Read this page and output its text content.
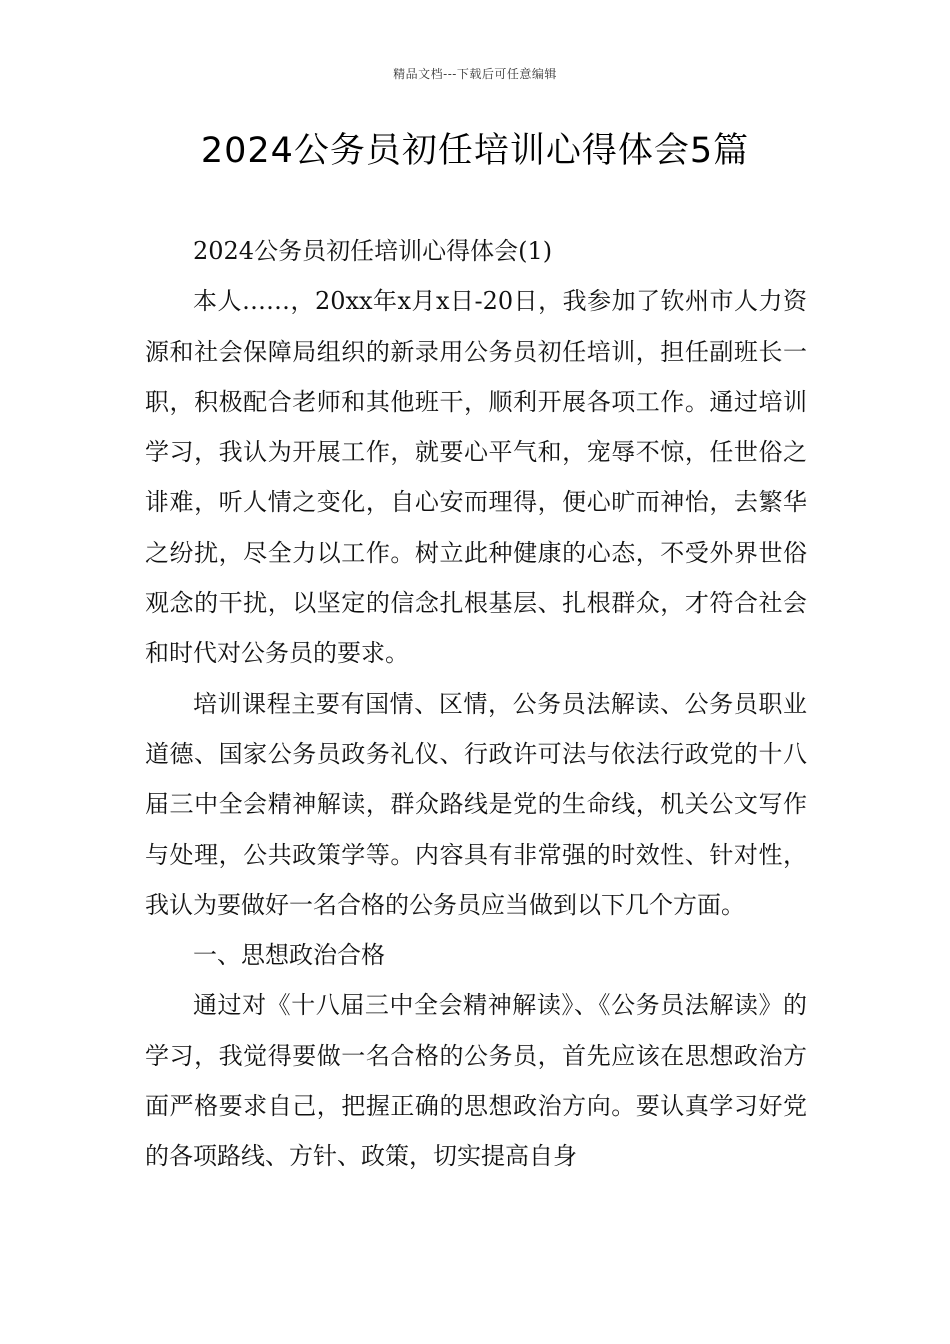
精品文档---下载后可任意编辑
2024公务员初任培训心得体会5篇

2024公务员初任培训心得体会(1)

本人……，20xx年x月x日-20日，我参加了钦州市人力资源和社会保障局组织的新录用公务员初任培训，担任副班长一职，积极配合老师和其他班干，顺利开展各项工作。通过培训学习，我认为开展工作，就要心平气和，宠辱不惊，任世俗之诽难，听人情之变化，自心安而理得，便心旷而神怡，去繁华之纷扰，尽全力以工作。树立此种健康的心态，不受外界世俗观念的干扰，以坚定的信念扎根基层、扎根群众，才符合社会和时代对公务员的要求。

培训课程主要有国情、区情，公务员法解读、公务员职业道德、国家公务员政务礼仪、行政许可法与依法行政党的十八届三中全会精神解读，群众路线是党的生命线，机关公文写作与处理，公共政策学等。内容具有非常强的时效性、针对性，我认为要做好一名合格的公务员应当做到以下几个方面。

一、思想政治合格

通过对《十八届三中全会精神解读》、《公务员法解读》的学习，我觉得要做一名合格的公务员，首先应该在思想政治方面严格要求自己，把握正确的思想政治方向。要认真学习好党的各项路线、方针、政策，切实提高自身
